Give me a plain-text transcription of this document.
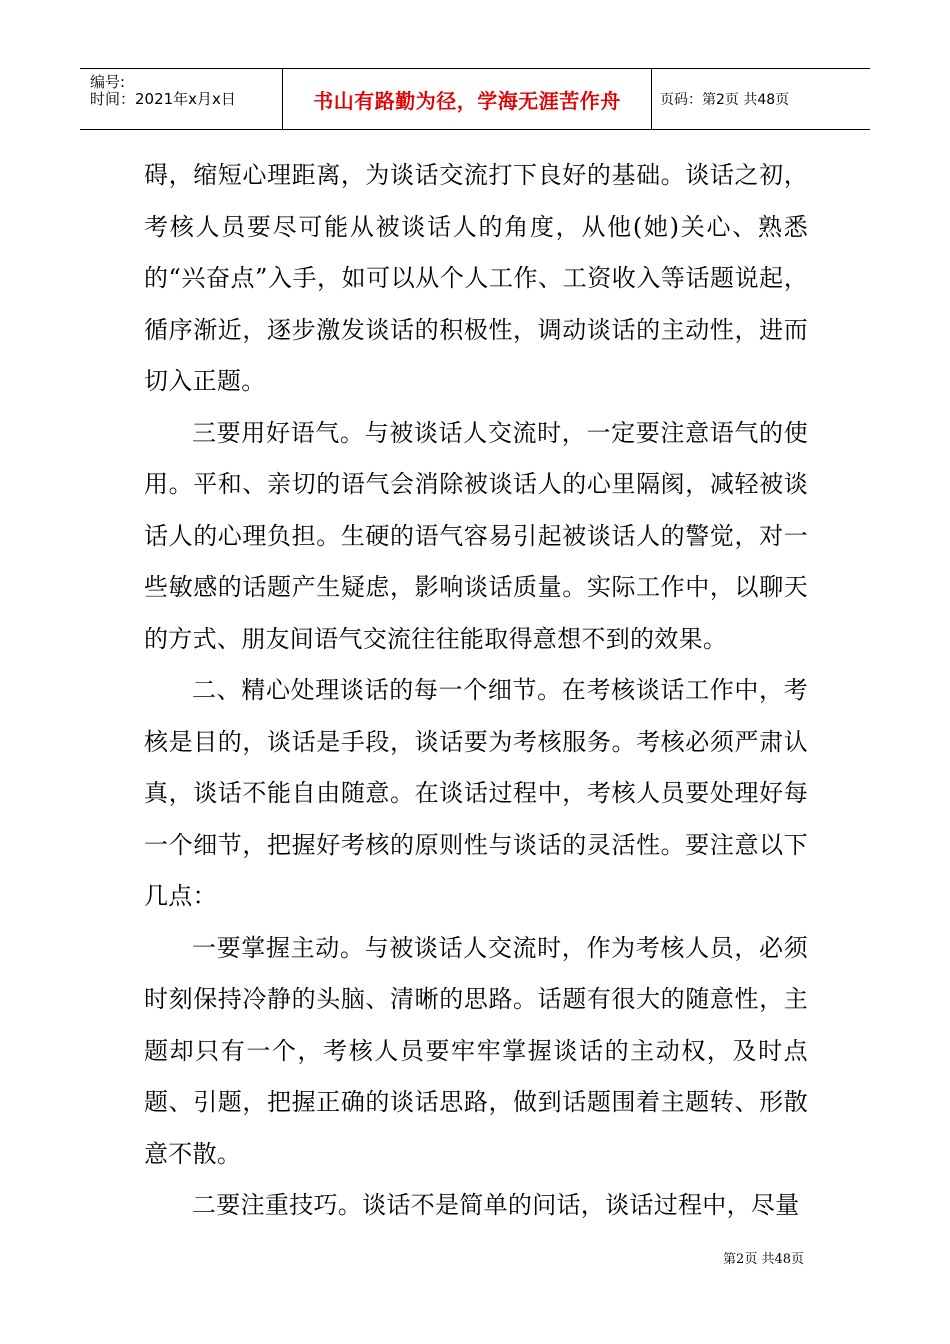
编号:
时间：2021年x月x日	书山有路勤为径，学海无涯苦作舟	页码：第2页 共48页

碍，缩短心理距离，为谈话交流打下良好的基础。谈话之初，考核人员要尽可能从被谈话人的角度，从他(她)关心、熟悉的“兴奋点”入手，如可以从个人工作、工资收入等话题说起，循序渐近，逐步激发谈话的积极性，调动谈话的主动性，进而切入正题。

三要用好语气。与被谈话人交流时，一定要注意语气的使用。平和、亲切的语气会消除被谈话人的心里隔阂，减轻被谈话人的心理负担。生硬的语气容易引起被谈话人的警觉，对一些敏感的话题产生疑虑，影响谈话质量。实际工作中，以聊天的方式、朋友间语气交流往往能取得意想不到的效果。

二、精心处理谈话的每一个细节。在考核谈话工作中，考核是目的，谈话是手段，谈话要为考核服务。考核必须严肃认真，谈话不能自由随意。在谈话过程中，考核人员要处理好每一个细节，把握好考核的原则性与谈话的灵活性。要注意以下几点：

一要掌握主动。与被谈话人交流时，作为考核人员，必须时刻保持冷静的头脑、清晰的思路。话题有很大的随意性，主题却只有一个，考核人员要牢牢掌握谈话的主动权，及时点题、引题，把握正确的谈话思路，做到话题围着主题转、形散意不散。

二要注重技巧。谈话不是简单的问话，谈话过程中，尽量

第2页 共48页
